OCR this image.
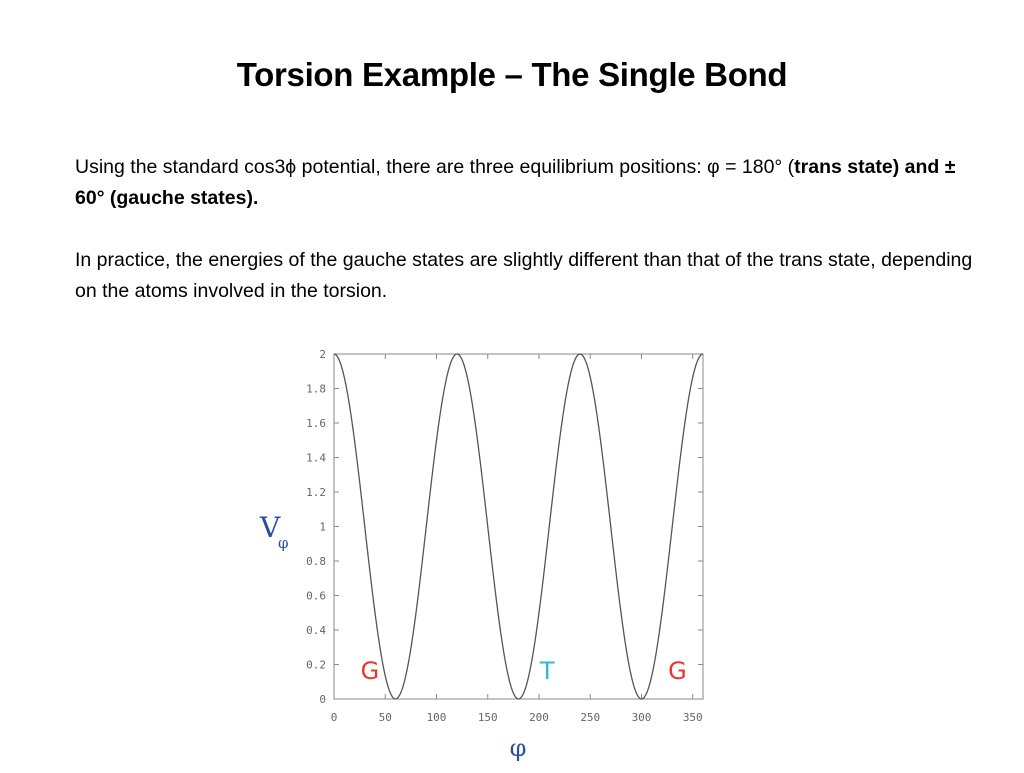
Torsion Example – The Single Bond

Using the standard cos3ϕ potential, there are three equilibrium positions: φ = 180° (trans state) and ± 60° (gauche states).

In practice, the energies of the gauche states are slightly different than that of the trans state, depending on the atoms involved in the torsion.

0
0.2
0.4
0.6
0.8
1
1.2
1.4
1.6
1.8
2
0	50	100	150	200	250	300	350
G	T	G
V
φ
φ
